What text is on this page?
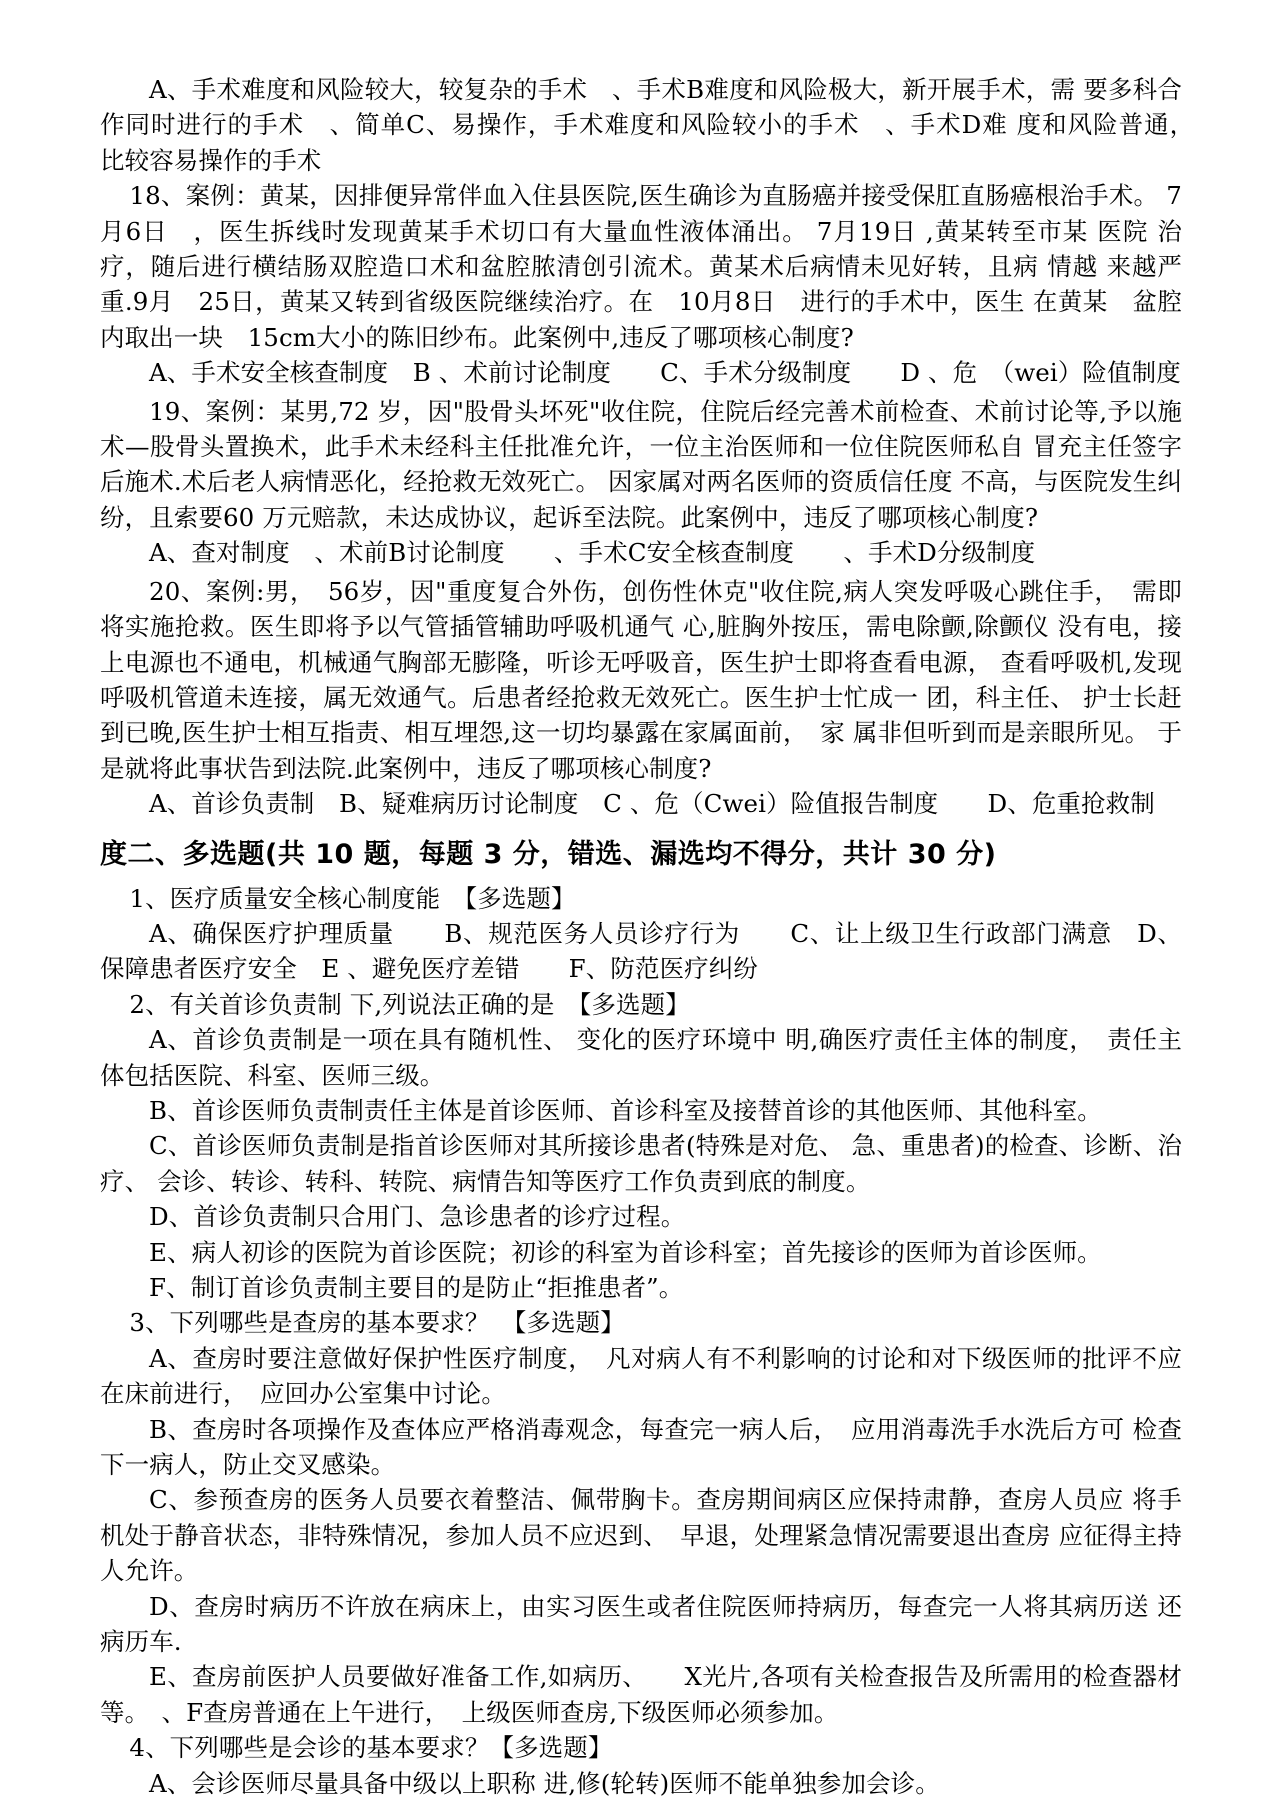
A、手术难度和风险较大，较复杂的手术　、手术B难度和风险极大，新开展手术，需 要多科合作同时进行的手术　、简单C、易操作，手术难度和风险较小的手术　、手术D难 度和风险普通，　比较容易操作的手术

18、案例：黄某，因排便异常伴血入住县医院,医生确诊为直肠癌并接受保肛直肠癌根治手术。 7月6日　，医生拆线时发现黄某手术切口有大量血性液体涌出。 7月19日 ,黄某转至市某 医院 治疗，随后进行横结肠双腔造口术和盆腔脓清创引流术。黄某术后病情未见好转，且病 情越 来越严重.9月　25日，黄某又转到省级医院继续治疗。在　10月8日　进行的手术中，医生 在黄某　盆腔内取出一块　15cm大小的陈旧纱布。此案例中,违反了哪项核心制度?

A、手术安全核查制度　B 、术前讨论制度　　C、手术分级制度　　D 、危　（wei）险值制度

19、案例：某男,72 岁，因"股骨头坏死"收住院，住院后经完善术前检查、术前讨论等,予以施术—股骨头置换术，此手术未经科主任批准允许，一位主治医师和一位住院医师私自 冒充主任签字后施术.术后老人病情恶化，经抢救无效死亡。 因家属对两名医师的资质信任度 不高，与医院发生纠纷，且索要60 万元赔款，未达成协议，起诉至法院。此案例中，违反了哪项核心制度?

A、查对制度　、术前B讨论制度　　、手术C安全核查制度　　、手术D分级制度

20、案例:男，　56岁，因"重度复合外伤，创伤性休克"收住院,病人突发呼吸心跳住手，　需即将实施抢救。医生即将予以气管插管辅助呼吸机通气 心,脏胸外按压，需电除颤,除颤仪 没有电，接上电源也不通电，机械通气胸部无膨隆，听诊无呼吸音，医生护士即将查看电源， 查看呼吸机,发现呼吸机管道未连接，属无效通气。后患者经抢救无效死亡。医生护士忙成一 团，科主任、 护士长赶到已晚,医生护士相互指责、相互埋怨,这一切均暴露在家属面前，　家 属非但听到而是亲眼所见。 于是就将此事状告到法院.此案例中，违反了哪项核心制度?

A、首诊负责制　B、疑难病历讨论制度　C 、危（Cwei）险值报告制度　　D、危重抢救制

度二、多选题(共 10 题，每题 3 分，错选、漏选均不得分，共计 30 分)

1、医疗质量安全核心制度能　【多选题】

A、确保医疗护理质量　　B、规范医务人员诊疗行为　　C、让上级卫生行政部门满意　D、保障患者医疗安全　E 、避免医疗差错　　F、防范医疗纠纷

2、有关首诊负责制 下,列说法正确的是　【多选题】

A、首诊负责制是一项在具有随机性、 变化的医疗环境中 明,确医疗责任主体的制度，　责任主体包括医院、科室、医师三级。

B、首诊医师负责制责任主体是首诊医师、首诊科室及接替首诊的其他医师、其他科室。

C、首诊医师负责制是指首诊医师对其所接诊患者(特殊是对危、 急、重患者)的检查、诊断、治疗、 会诊、转诊、转科、转院、病情告知等医疗工作负责到底的制度。

D、首诊负责制只合用门、急诊患者的诊疗过程。

E、病人初诊的医院为首诊医院；初诊的科室为首诊科室；首先接诊的医师为首诊医师。

F、制订首诊负责制主要目的是防止“拒推患者”。

3、下列哪些是查房的基本要求？　【多选题】

A、查房时要注意做好保护性医疗制度，　凡对病人有不利影响的讨论和对下级医师的批评不应在床前进行，　应回办公室集中讨论。

B、查房时各项操作及查体应严格消毒观念，每查完一病人后，　应用消毒洗手水洗后方可 检查下一病人，防止交叉感染。

C、参预查房的医务人员要衣着整洁、佩带胸卡。查房期间病区应保持肃静，查房人员应 将手机处于静音状态，非特殊情况，参加人员不应迟到、　早退，处理紧急情况需要退出查房 应征得主持人允许。

D、查房时病历不许放在病床上，由实习医生或者住院医师持病历，每查完一人将其病历送 还病历车.

E、查房前医护人员要做好准备工作,如病历、　　X光片,各项有关检查报告及所需用的检查器材等。　、F查房普通在上午进行，　上级医师查房,下级医师必须参加。

4、下列哪些是会诊的基本要求？【多选题】

A、会诊医师尽量具备中级以上职称 进,修(轮转)医师不能单独参加会诊。
